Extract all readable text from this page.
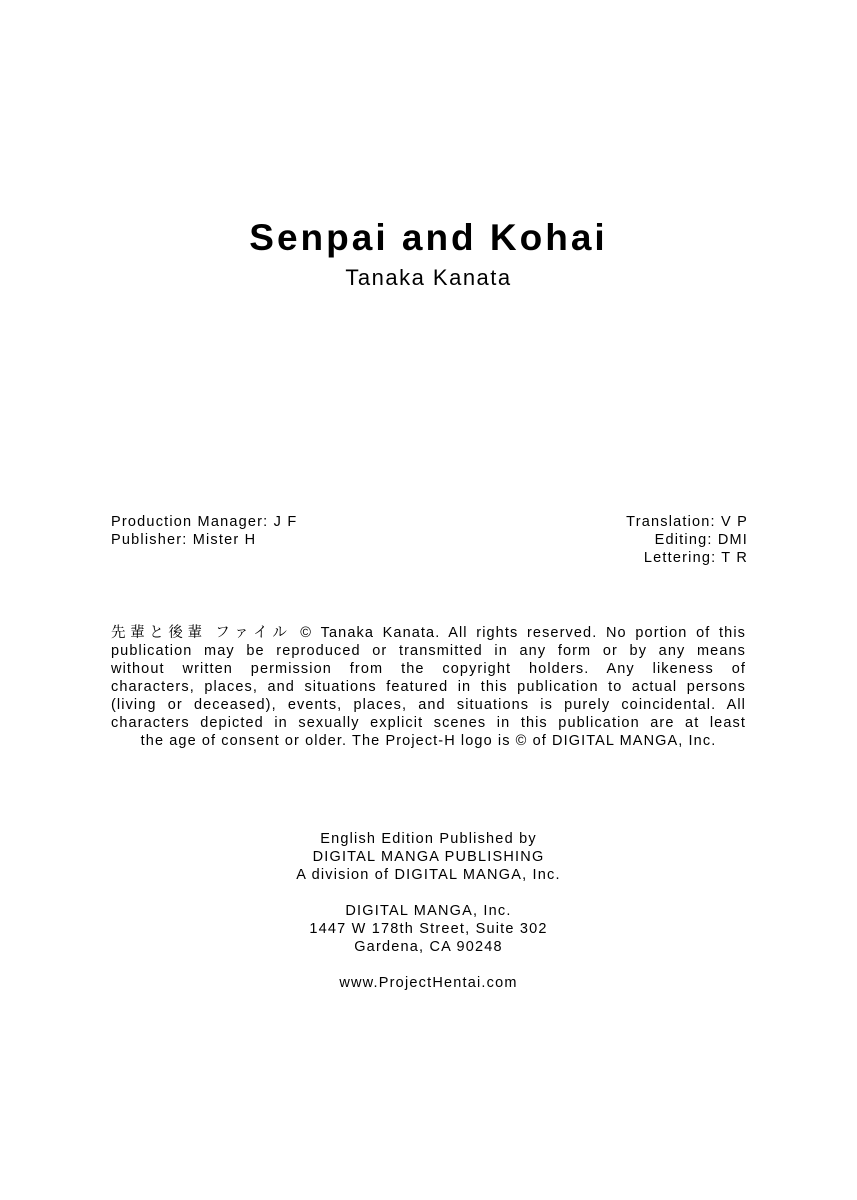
Senpai and Kohai
Tanaka Kanata
Production Manager: J F
Publisher: Mister H
Translation: V P
Editing: DMI
Lettering: T R
先輩と後輩 ファイル © Tanaka Kanata. All rights reserved. No portion of this
publication may be reproduced or transmitted in any form or by any means
without written permission from the copyright holders. Any likeness of
characters, places, and situations featured in this publication to actual persons
(living or deceased), events, places, and situations is purely coincidental. All
characters depicted in sexually explicit scenes in this publication are at least
the age of consent or older. The Project-H logo is © of DIGITAL MANGA, Inc.
English Edition Published by
DIGITAL MANGA PUBLISHING
A division of DIGITAL MANGA, Inc.
DIGITAL MANGA, Inc.
1447 W 178th Street, Suite 302
Gardena, CA 90248
www.ProjectHentai.com
